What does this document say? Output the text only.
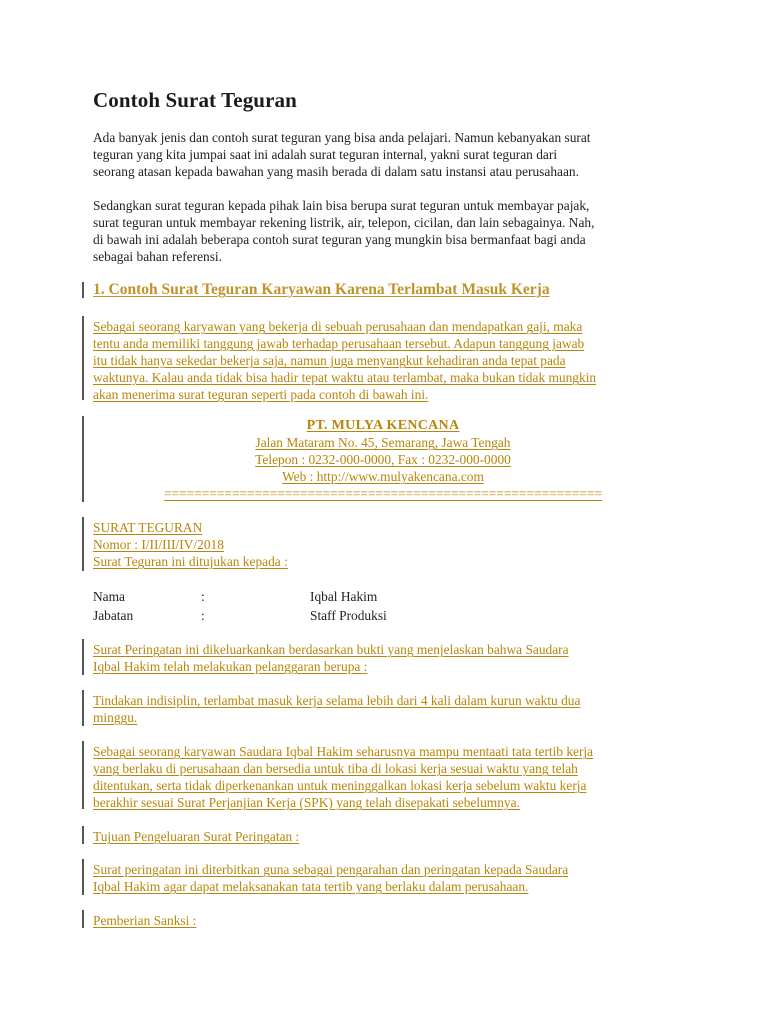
Contoh Surat Teguran

Ada banyak jenis dan contoh surat teguran yang bisa anda pelajari. Namun kebanyakan surat
teguran yang kita jumpai saat ini adalah surat teguran internal, yakni surat teguran dari
seorang atasan kepada bawahan yang masih berada di dalam satu instansi atau perusahaan.

Sedangkan surat teguran kepada pihak lain bisa berupa surat teguran untuk membayar pajak,
surat teguran untuk membayar rekening listrik, air, telepon, cicilan, dan lain sebagainya. Nah,
di bawah ini adalah beberapa contoh surat teguran yang mungkin bisa bermanfaat bagi anda
sebagai bahan referensi.

1. Contoh Surat Teguran Karyawan Karena Terlambat Masuk Kerja

Sebagai seorang karyawan yang bekerja di sebuah perusahaan dan mendapatkan gaji, maka
tentu anda memiliki tanggung jawab terhadap perusahaan tersebut. Adapun tanggung jawab
itu tidak hanya sekedar bekerja saja, namun juga menyangkut kehadiran anda tepat pada
waktunya. Kalau anda tidak bisa hadir tepat waktu atau terlambat, maka bukan tidak mungkin
akan menerima surat teguran seperti pada contoh di bawah ini.

PT. MULYA KENCANA
Jalan Mataram No. 45, Semarang, Jawa Tengah
Telepon : 0232-000-0000, Fax : 0232-000-0000
Web : http://www.mulyakencana.com
==========================================================

SURAT TEGURAN
Nomor : I/II/III/IV/2018
Surat Teguran ini ditujukan kepada :

Nama	:	Iqbal Hakim
Jabatan	:	Staff Produksi

Surat Peringatan ini dikeluarkankan berdasarkan bukti yang menjelaskan bahwa Saudara
Iqbal Hakim telah melakukan pelanggaran berupa :

Tindakan indisiplin, terlambat masuk kerja selama lebih dari 4 kali dalam kurun waktu dua
minggu.

Sebagai seorang karyawan Saudara Iqbal Hakim seharusnya mampu mentaati tata tertib kerja
yang berlaku di perusahaan dan bersedia untuk tiba di lokasi kerja sesuai waktu yang telah
ditentukan, serta tidak diperkenankan untuk meninggalkan lokasi kerja sebelum waktu kerja
berakhir sesuai Surat Perjanjian Kerja (SPK) yang telah disepakati sebelumnya.

Tujuan Pengeluaran Surat Peringatan :

Surat peringatan ini diterbitkan guna sebagai pengarahan dan peringatan kepada Saudara
Iqbal Hakim agar dapat melaksanakan tata tertib yang berlaku dalam perusahaan.

Pemberian Sanksi :
